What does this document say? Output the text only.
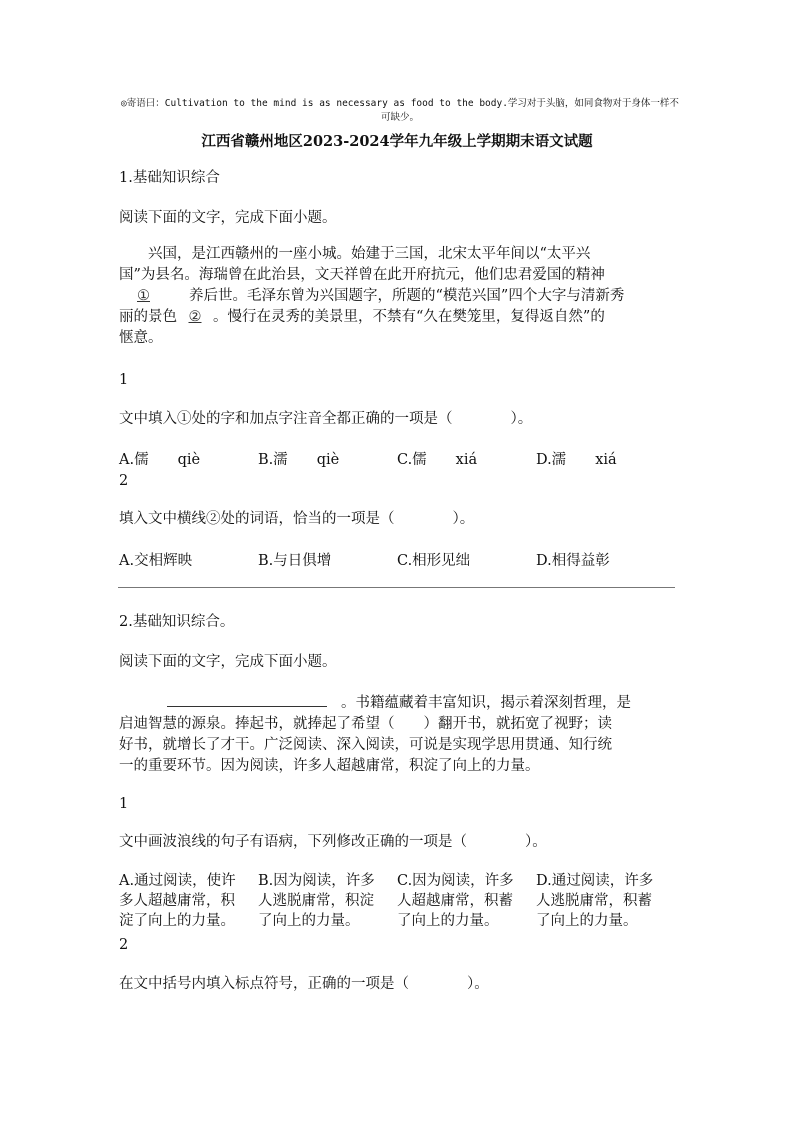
◎寄语曰：Cultivation to the mind is as necessary as food to the body.学习对于头脑，如同食物对于身体一样不可缺少。
江西省赣州地区2023-2024学年九年级上学期期末语文试题
1.基础知识综合
阅读下面的文字，完成下面小题。
兴国，是江西赣州的一座小城。始建于三国，北宋太平年间以“太平兴
国”为县名。海瑞曾在此治县，文天祥曾在此开府抗元，他们忠君爱国的精神
①	养后世。毛泽东曾为兴国题字，所题的“模范兴国”四个大字与清新秀
丽的景色 ② 。慢行在灵秀的美景里，不禁有“久在樊笼里，复得返自然”的
惬意。
1
文中填入①处的字和加点字注音全都正确的一项是（　　　　）。
A.儒　　qiè	B.濡　　qiè	C.儒　　xiá	D.濡　　xiá
2
填入文中横线②处的词语，恰当的一项是（　　　　）。
A.交相辉映	B.与日俱增	C.相形见绌	D.相得益彰
2.基础知识综合。
阅读下面的文字，完成下面小题。
。书籍蕴藏着丰富知识，揭示着深刻哲理，是
启迪智慧的源泉。捧起书，就捧起了希望（　　）翻开书，就拓宽了视野；读
好书，就增长了才干。广泛阅读、深入阅读，可说是实现学思用贯通、知行统
一的重要环节。因为阅读，许多人超越庸常，积淀了向上的力量。
1
文中画波浪线的句子有语病，下列修改正确的一项是（　　　　）。
A.通过阅读，使许
多人超越庸常，积
淀了向上的力量。
B.因为阅读，许多
人逃脱庸常，积淀
了向上的力量。
C.因为阅读，许多
人超越庸常，积蓄
了向上的力量。
D.通过阅读，许多
人逃脱庸常，积蓄
了向上的力量。
2
在文中括号内填入标点符号，正确的一项是（　　　　）。
